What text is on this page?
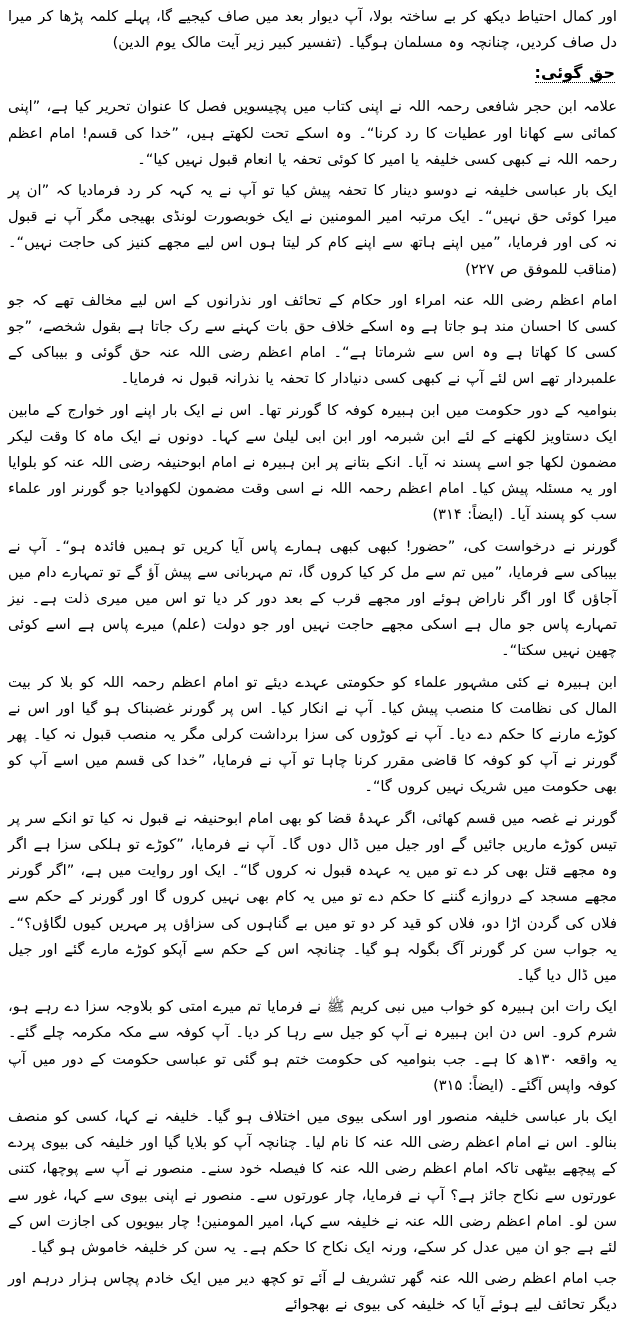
اور کمال احتیاط دیکھ کر بے ساختہ بولا، آپ دیوار بعد میں صاف کیجیے گا، پہلے کلمہ پڑھا کر میرا دل صاف کردیں، چنانچہ وہ مسلمان ہوگیا۔ (تفسیر کبیر زیر آیت مالک یوم الدین)

حق گوئی:

علامہ ابن حجر شافعی رحمہ اللہ نے اپنی کتاب میں پچیسویں فصل کا عنوان تحریر کیا ہے، ”اپنی کمائی سے کھانا اور عطیات کا رد کرنا“۔ وہ اسکے تحت لکھتے ہیں، ”خدا کی قسم! امام اعظم رحمہ اللہ نے کبھی کسی خلیفہ یا امیر کا کوئی تحفہ یا انعام قبول نہیں کیا“۔

ایک بار عباسی خلیفہ نے دوسو دینار کا تحفہ پیش کیا تو آپ نے یہ کہہ کر رد فرمادیا کہ ”ان پر میرا کوئی حق نہیں“۔ ایک مرتبہ امیر المومنین نے ایک خوبصورت لونڈی بھیجی مگر آپ نے قبول نہ کی اور فرمایا، ”میں اپنے ہاتھ سے اپنے کام کر لیتا ہوں اس لیے مجھے کنیز کی حاجت نہیں“۔ (مناقب للموفق ص ۲۲۷)

امام اعظم رضی اللہ عنہ امراء اور حکام کے تحائف اور نذرانوں کے اس لیے مخالف تھے کہ جو کسی کا احسان مند ہو جاتا ہے وہ اسکے خلاف حق بات کہنے سے رک جاتا ہے بقول شخصے، ”جو کسی کا کھاتا ہے وہ اس سے شرماتا ہے“۔ امام اعظم رضی اللہ عنہ حق گوئی و بیباکی کے علمبردار تھے اس لئے آپ نے کبھی کسی دنیادار کا تحفہ یا نذرانہ قبول نہ فرمایا۔

بنوامیہ کے دور حکومت میں ابن ہبیرہ کوفہ کا گورنر تھا۔ اس نے ایک بار اپنے اور خوارج کے مابین ایک دستاویز لکھنے کے لئے ابن شبرمہ اور ابن ابی لیلیٰ سے کہا۔ دونوں نے ایک ماہ کا وقت لیکر مضمون لکھا جو اسے پسند نہ آیا۔ انکے بتانے پر ابن ہبیرہ نے امام ابوحنیفہ رضی اللہ عنہ کو بلوایا اور یہ مسئلہ پیش کیا۔ امام اعظم رحمہ اللہ نے اسی وقت مضمون لکھوادیا جو گورنر اور علماء سب کو پسند آیا۔ (ایضاً: ۳۱۴)

گورنر نے درخواست کی، ”حضور! کبھی کبھی ہمارے پاس آیا کریں تو ہمیں فائدہ ہو“۔ آپ نے بیباکی سے فرمایا، ”میں تم سے مل کر کیا کروں گا، تم مہربانی سے پیش آؤ گے تو تمہارے دام میں آجاؤں گا اور اگر ناراض ہوئے اور مجھے قرب کے بعد دور کر دیا تو اس میں میری ذلت ہے۔ نیز تمہارے پاس جو مال ہے اسکی مجھے حاجت نہیں اور جو دولت (علم) میرے پاس ہے اسے کوئی چھین نہیں سکتا“۔

ابن ہبیرہ نے کئی مشہور علماء کو حکومتی عہدے دیئے تو امام اعظم رحمہ اللہ کو بلا کر بیت المال کی نظامت کا منصب پیش کیا۔ آپ نے انکار کیا۔ اس پر گورنر غضبناک ہو گیا اور اس نے کوڑے مارنے کا حکم دے دیا۔ آپ نے کوڑوں کی سزا برداشت کرلی مگر یہ منصب قبول نہ کیا۔ پھر گورنر نے آپ کو کوفہ کا قاضی مقرر کرنا چاہا تو آپ نے فرمایا، ”خدا کی قسم میں اسے آپ کو بھی حکومت میں شریک نہیں کروں گا“۔

گورنر نے غصہ میں قسم کھائی، اگر عہدۂ قضا کو بھی امام ابوحنیفہ نے قبول نہ کیا تو انکے سر پر تیس کوڑے ماریں جائیں گے اور جیل میں ڈال دوں گا۔ آپ نے فرمایا، ”کوڑے تو ہلکی سزا ہے اگر وہ مجھے قتل بھی کر دے تو میں یہ عہدہ قبول نہ کروں گا“۔ ایک اور روایت میں ہے، ”اگر گورنر مجھے مسجد کے دروازے گننے کا حکم دے تو میں یہ کام بھی نہیں کروں گا اور گورنر کے حکم سے فلاں کی گردن اڑا دو، فلاں کو قید کر دو تو میں بے گناہوں کی سزاؤں پر مہریں کیوں لگاؤں؟“۔ یہ جواب سن کر گورنر آگ بگولہ ہو گیا۔ چنانچہ اس کے حکم سے آپکو کوڑے مارے گئے اور جیل میں ڈال دیا گیا۔

ایک رات ابن ہبیرہ کو خواب میں نبی کریم ﷺ نے فرمایا تم میرے امتی کو بلاوجہ سزا دے رہے ہو، شرم کرو۔ اس دن ابن ہبیرہ نے آپ کو جیل سے رہا کر دیا۔ آپ کوفہ سے مکہ مکرمہ چلے گئے۔ یہ واقعہ ۱۳۰ھ کا ہے۔ جب بنوامیہ کی حکومت ختم ہو گئی تو عباسی حکومت کے دور میں آپ کوفہ واپس آگئے۔ (ایضاً: ۳۱۵)

ایک بار عباسی خلیفہ منصور اور اسکی بیوی میں اختلاف ہو گیا۔ خلیفہ نے کہا، کسی کو منصف بنالو۔ اس نے امام اعظم رضی اللہ عنہ کا نام لیا۔ چنانچہ آپ کو بلایا گیا اور خلیفہ کی بیوی پردے کے پیچھے بیٹھی تاکہ امام اعظم رضی اللہ عنہ کا فیصلہ خود سنے۔ منصور نے آپ سے پوچھا، کتنی عورتوں سے نکاح جائز ہے؟ آپ نے فرمایا، چار عورتوں سے۔ منصور نے اپنی بیوی سے کہا، غور سے سن لو۔ امام اعظم رضی اللہ عنہ نے خلیفہ سے کہا، امیر المومنین! چار بیویوں کی اجازت اس کے لئے ہے جو ان میں عدل کر سکے، ورنہ ایک نکاح کا حکم ہے۔ یہ سن کر خلیفہ خاموش ہو گیا۔

جب امام اعظم رضی اللہ عنہ گھر تشریف لے آئے تو کچھ دیر میں ایک خادم پچاس ہزار درہم اور دیگر تحائف لیے ہوئے آیا کہ خلیفہ کی بیوی نے بھجوائے
